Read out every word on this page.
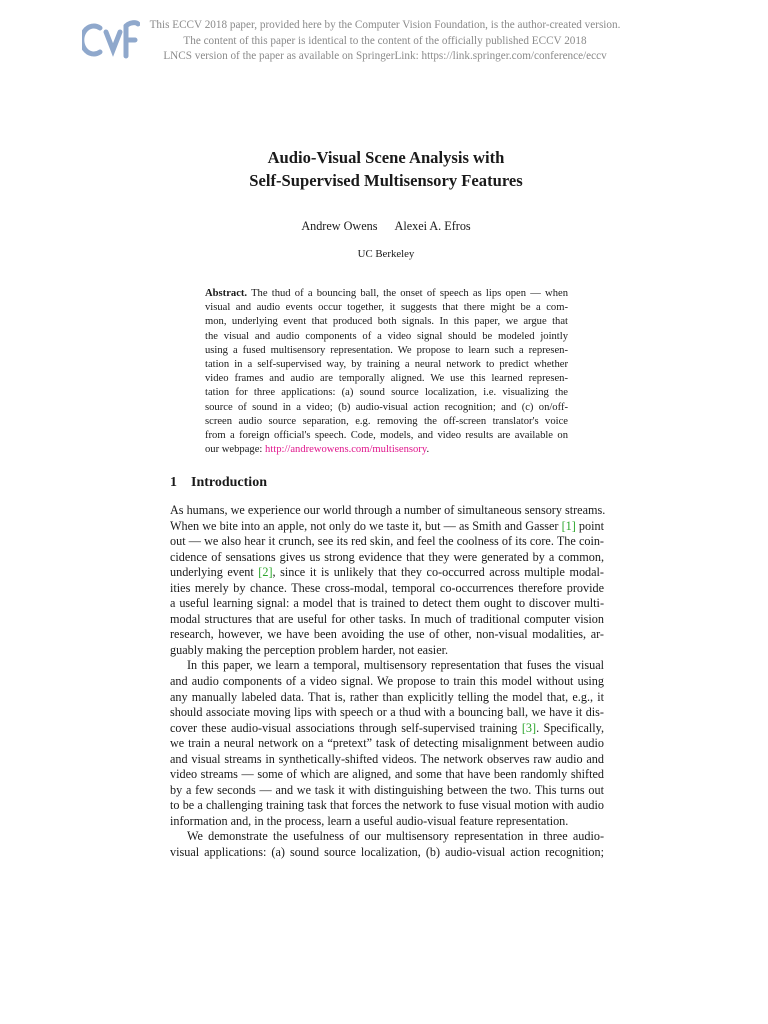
This ECCV 2018 paper, provided here by the Computer Vision Foundation, is the author-created version.
The content of this paper is identical to the content of the officially published ECCV 2018
LNCS version of the paper as available on SpringerLink: https://link.springer.com/conference/eccv
Audio-Visual Scene Analysis with
Self-Supervised Multisensory Features
Andrew Owens Alexei A. Efros
UC Berkeley
Abstract. The thud of a bouncing ball, the onset of speech as lips open — when
visual and audio events occur together, it suggests that there might be a com-
mon, underlying event that produced both signals. In this paper, we argue that
the visual and audio components of a video signal should be modeled jointly
using a fused multisensory representation. We propose to learn such a represen-
tation in a self-supervised way, by training a neural network to predict whether
video frames and audio are temporally aligned. We use this learned represen-
tation for three applications: (a) sound source localization, i.e. visualizing the
source of sound in a video; (b) audio-visual action recognition; and (c) on/off-
screen audio source separation, e.g. removing the off-screen translator's voice
from a foreign official's speech. Code, models, and video results are available on
our webpage: http://andrewowens.com/multisensory.
1 Introduction
As humans, we experience our world through a number of simultaneous sensory streams.
When we bite into an apple, not only do we taste it, but — as Smith and Gasser [1] point
out — we also hear it crunch, see its red skin, and feel the coolness of its core. The coin-
cidence of sensations gives us strong evidence that they were generated by a common,
underlying event [2], since it is unlikely that they co-occurred across multiple modal-
ities merely by chance. These cross-modal, temporal co-occurrences therefore provide
a useful learning signal: a model that is trained to detect them ought to discover multi-
modal structures that are useful for other tasks. In much of traditional computer vision
research, however, we have been avoiding the use of other, non-visual modalities, ar-
guably making the perception problem harder, not easier.
In this paper, we learn a temporal, multisensory representation that fuses the visual
and audio components of a video signal. We propose to train this model without using
any manually labeled data. That is, rather than explicitly telling the model that, e.g., it
should associate moving lips with speech or a thud with a bouncing ball, we have it dis-
cover these audio-visual associations through self-supervised training [3]. Specifically,
we train a neural network on a “pretext” task of detecting misalignment between audio
and visual streams in synthetically-shifted videos. The network observes raw audio and
video streams — some of which are aligned, and some that have been randomly shifted
by a few seconds — and we task it with distinguishing between the two. This turns out
to be a challenging training task that forces the network to fuse visual motion with audio
information and, in the process, learn a useful audio-visual feature representation.
We demonstrate the usefulness of our multisensory representation in three audio-
visual applications: (a) sound source localization, (b) audio-visual action recognition;
